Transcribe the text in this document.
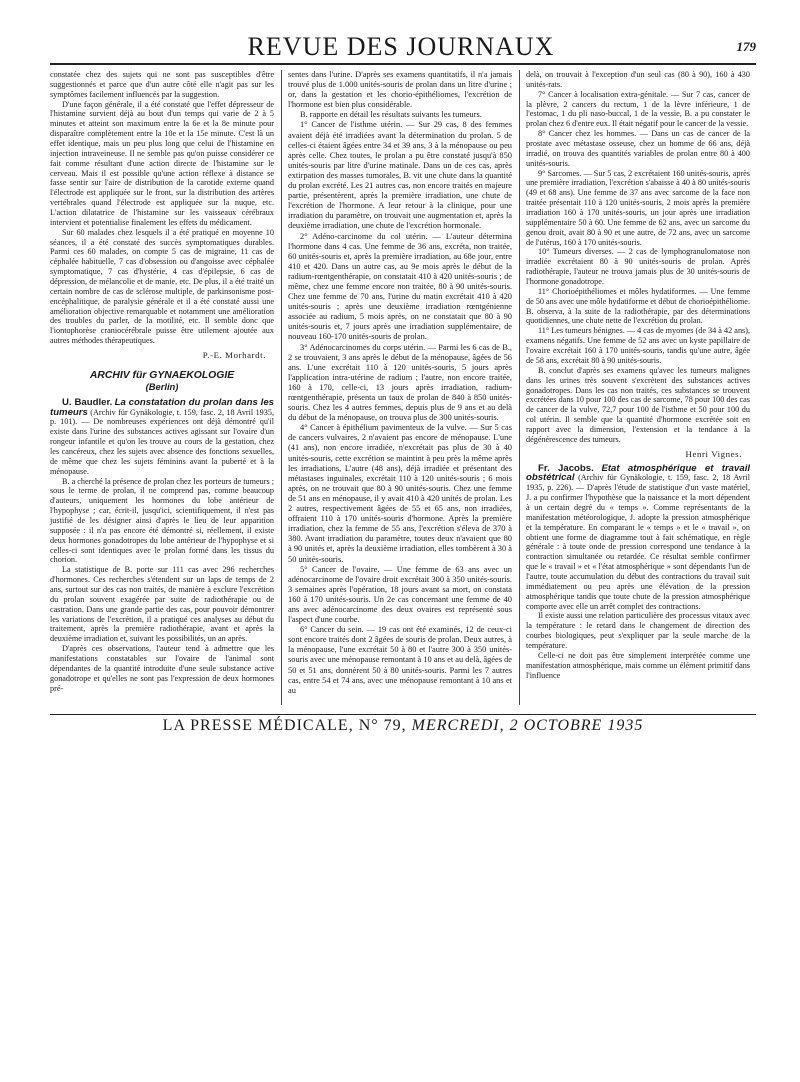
REVUE DES JOURNAUX	179

constatée chez des sujets qui ne sont pas susceptibles d'être suggestionnés et parce que d'un autre côté elle n'agit pas sur les symptômes facilement influencés par la suggestion.

D'une façon générale, il a été constaté que l'effet dépresseur de l'histamine survient déjà au bout d'un temps qui varie de 2 à 5 minutes et atteint son maximum entre la 6e et la 8e minute pour disparaître complètement entre la 10e et la 15e minute. C'est là un effet identique, mais un peu plus long que celui de l'histamine en injection intraveineuse. Il ne semble pas qu'on puisse considérer ce fait comme résultant d'une action directe de l'histamine sur le cerveau. Mais il est possible qu'une action réflexe à distance se fasse sentir sur l'aire de distribution de la carotide externe quand l'électrode est appliquée sur le front, sur la distribution des artères vertébrales quand l'électrode est appliquée sur la nuque, etc. L'action dilatatrice de l'histamine sur les vaisseaux cérébraux intervient et potentialise finalement les effets du médicament.

Sur 60 malades chez lesquels il a été pratiqué en moyenne 10 séances, il a été constaté des succès symptomatiques durables. Parmi ces 60 malades, on compte 5 cas de migraine, 11 cas de céphalée habituelle, 7 cas d'obsession ou d'angoisse avec céphalée symptomatique, 7 cas d'hystérie, 4 cas d'épilepsie, 6 cas de dépression, de mélancolie et de manie, etc. De plus, il a été traité un certain nombre de cas de sclérose multiple, de parkinsonisme post-encéphalitique, de paralysie générale et il a été constaté aussi une amélioration objective remarquable et notamment une amélioration des troubles du parler, de la motilité, etc. Il semble donc que l'iontophorèse craniocérébrale puisse être utilement ajoutée aux autres méthodes thérapeutiques.

P.-E. Morhardt.
ARCHIV für GYNAEKOLOGIE
(Berlin)

U. Baudler. La constatation du prolan dans les tumeurs (Archiv für Gynäkologie, t. 159, fasc. 2, 18 Avril 1935, p. 101). — De nombreuses expériences ont déjà démontré qu'il existe dans l'urine des substances actives agissant sur l'ovaire d'un rongeur infantile et qu'on les trouve au cours de la gestation, chez les cancéreux, chez les sujets avec absence des fonctions sexuelles, de même que chez les sujets féminins avant la puberté et à la ménopause.

B. a cherché la présence de prolan chez les porteurs de tumeurs ; sous le terme de prolan, il ne comprend pas, comme beaucoup d'auteurs, uniquement les hormones du lobe antérieur de l'hypophyse ; car, écrit-il, jusqu'ici, scientifiquement, il n'est pas justifié de les désigner ainsi d'après le lieu de leur apparition supposée : il n'a pas encore été démontré si, réellement, il existe deux hormones gonadotropes du lobe antérieur de l'hypophyse et si celles-ci sont identiques avec le prolan formé dans les tissus du chorion.

La statistique de B. porte sur 111 cas avec 296 recherches d'hormones. Ces recherches s'étendent sur un laps de temps de 2 ans, surtout sur des cas non traités, de manière à exclure l'excrétion du prolan souvent exagérée par suite de radiothérapie ou de castration. Dans une grande partie des cas, pour pouvoir démontrer les variations de l'excrétion, il a pratiqué ces analyses au début du traitement, après la première radiothérapie, avant et après la deuxième irradiation et, suivant les possibilités, un an après.

D'après ces observations, l'auteur tend à admettre que les manifestations constatables sur l'ovaire de l'animal sont dépendantes de la quantité introduite d'une seule substance active gonadotrope et qu'elles ne sont pas l'expression de deux hormones pré-

sentes dans l'urine. D'après ses examens quantitatifs, il n'a jamais trouvé plus de 1.000 unités-souris de prolan dans un litre d'urine ; or, dans la gestation et les chorio-épithéliomes, l'excrétion de l'hormone est bien plus considérable.

B. rapporte en détail les résultats suivants les tumeurs.

1° Cancer de l'isthme utérin. — Sur 29 cas, 8 des femmes avaient déjà été irradiées avant la détermination du prolan. 5 de celles-ci étaient âgées entre 34 et 39 ans, 3 à la ménopause ou peu après celle. Chez toutes, le prolan a pu être constaté jusqu'à 850 unités-souris par litre d'urine matinale. Dans un de ces cas, après extirpation des masses tumorales, B. vit une chute dans la quantité du prolan excrété. Les 21 autres cas, non encore traités en majeure partie, présentèrent, après la première irradiation, une chute de l'excrétion de l'hormone. A leur retour à la clinique, pour une irradiation du paramètre, on trouvait une augmentation et, après la deuxième irradiation, une chute de l'excrétion hormonale.

2° Adéno-carcinome du col utérin. — L'auteur détermina l'hormone dans 4 cas. Une femme de 36 ans, excréta, non traitée, 60 unités-souris et, après la première irradiation, au 68e jour, entre 410 et 420. Dans un autre cas, au 9e mois après le début de la radium-rœntgenthérapie, on constatait 410 à 420 unités-souris ; de même, chez une femme encore non traitée, 80 à 90 unités-souris. Chez une femme de 70 ans, l'urine du matin excrétait 410 à 420 unités-souris ; après une deuxième irradiation rœntgénienne associée au radium, 5 mois après, on ne constatait que 80 à 90 unités-souris et, 7 jours après une irradiation supplémentaire, de nouveau 160-170 unités-souris de prolan.

3° Adénocarcinomes du corps utérin. — Parmi les 6 cas de B., 2 se trouvaient, 3 ans après le début de la ménopause, âgées de 56 ans. L'une excrétait 110 à 120 unités-souris, 5 jours après l'application intra-utérine de radium ; l'autre, non encore traitée, 160 à 170, celle-ci, 13 jours après irradiation, radium-rœntgenthérapie, présenta un taux de prolan de 840 à 850 unités-souris. Chez les 4 autres femmes, depuis plus de 9 ans et au delà du début de la ménopause, on trouva plus de 300 unités-souris.

4° Cancer à épithélium pavimenteux de la vulve. — Sur 5 cas de cancers vulvaires, 2 n'avaient pas encore de ménopause. L'une (41 ans), non encore irradiée, n'excrétait pas plus de 30 à 40 unités-souris, cette excrétion se maintint à peu près la même après les irradiations, L'autre (48 ans), déjà irradiée et présentant des métastases inguinales, excrétait 110 à 120 unités-souris ; 6 mois après, on ne trouvait que 80 à 90 unités-souris. Chez une femme de 51 ans en ménopause, il y avait 410 à 420 unités de prolan. Les 2 autres, respectivement âgées de 55 et 65 ans, non irradiées, offraient 110 à 170 unités-souris d'hormone. Après la première irradiation, chez la femme de 55 ans, l'excrétion s'éleva de 370 à 380. Avant irradiation du paramètre, toutes deux n'avaient que 80 à 90 unités et, après la deuxième irradiation, elles tombèrent à 30 à 50 unités-souris.

5° Cancer de l'ovaire. — Une femme de 63 ans avec un adénocarcinome de l'ovaire droit excrétait 300 à 350 unités-souris. 3 semaines après l'opération, 18 jours avant sa mort, on constata 160 à 170 unités-souris. Un 2e cas concernant une femme de 40 ans avec adénocarcinome des deux ovaires est représenté sous l'aspect d'une courbe.

6° Cancer du sein. — 19 cas ont été examinés, 12 de ceux-ci sont encore traités dont 2 âgées de souris de prolan. Deux autres, à la ménopause, l'une excrétait 50 à 80 et l'autre 300 à 350 unités-souris avec une ménopause remontant à 10 ans et au delà, âgées de 50 et 51 ans, donnèrent 50 à 80 unités-souris. Parmi les 7 autres cas, entre 54 et 74 ans, avec une ménopause remontant à 10 ans et au

delà, on trouvait à l'exception d'un seul cas (80 à 90), 160 à 430 unités-rats.

7° Cancer à localisation extra-génitale. — Sur 7 cas, cancer de la plèvre, 2 cancers du rectum, 1 de la lèvre inférieure, 1 de l'estomac, 1 du pli naso-buccal, 1 de la vessie, B. a pu constater le prolan chez 6 d'entre eux. Il était négatif pour le cancer de la vessie.

8° Cancer chez les hommes. — Dans un cas de cancer de la prostate avec métastase osseuse, chez un homme de 66 ans, déjà irradié, on trouva des quantités variables de prolan entre 80 à 400 unités-souris.

9° Sarcomes. — Sur 5 cas, 2 excrétaient 160 unités-souris, après une première irradiation, l'excrétion s'abaisse à 40 à 80 unités-souris (49 et 68 ans). Une femme de 37 ans avec sarcome de la face non traitée présentait 110 à 120 unités-souris, 2 mois après la première irradiation 160 à 170 unités-souris, un jour après une irradiation supplémentaire 50 à 60. Une femme de 62 ans, avec un sarcome du genou droit, avait 80 à 90 et une autre, de 72 ans, avec un sarcome de l'utérus, 160 à 170 unités-souris.

10° Tumeurs diverses. — 2 cas de lymphogranulomatose non irradiée excrétaient 80 à 90 unités-souris de prolan. Après radiothérapie, l'auteur ne trouva jamais plus de 30 unités-souris de l'hormone gonadotrope.

11° Chorioépithéliomes et môles hydatiformes. — Une femme de 50 ans avec une môle hydatiforme et début de chorioépithéliome. B. observa, à la suite de la radiothérapie, par des déterminations quotidiennes, une chute nette de l'excrétion du prolan.

11° Les tumeurs bénignes. — 4 cas de myomes (de 34 à 42 ans), examens négatifs. Une femme de 52 ans avec un kyste papillaire de l'ovaire excrétait 160 à 170 unités-souris, tandis qu'une autre, âgée de 58 ans, excrétait 80 à 90 unités-souris.

B. conclut d'après ses examens qu'avec les tumeurs malignes dans les urines très souvent s'excrètent des substances actives gonadotropes. Dans les cas non traités, ces substances se trouvent excrétées dans 10 pour 100 des cas de sarcome, 78 pour 100 des cas de cancer de la vulve, 72,7 pour 100 de l'isthme et 50 pour 100 du col utérin. Il semble que la quantité d'hormone excrétée soit en rapport avec la dimension, l'extension et la tendance à la dégénérescence des tumeurs.

Henri Vignes.

Fr. Jacobs. Etat atmosphérique et travail obstétrical (Archiv für Gynäkologie, t. 159, fasc. 2, 18 Avril 1935, p. 226). — D'après l'étude de statistique d'un vaste matériel, J. a pu confirmer l'hypothèse que la naissance et la mort dépendent à un certain degré du « temps ». Comme représentants de la manifestation météorologique, J. adopte la pression atmosphérique et la température. En comparant le « temps » et le « travail », on obtient une forme de diagramme tout à fait schématique, en règle générale : à toute onde de pression correspond une tendance à la contraction simultanée ou retardée. Ce résultat semble confirmer que le « travail » et « l'état atmosphérique » sont dépendants l'un de l'autre, toute accumulation du début des contractions du travail suit immédiatement ou peu après une élévation de la pression atmosphérique tandis que toute chute de la pression atmosphérique comporte avec elle un arrêt complet des contractions.

Il existe aussi une relation particulière des processus vitaux avec la température : le retard dans le changement de direction des courbes biologiques, peut s'expliquer par la seule marche de la température.

Celle-ci ne doit pas être simplement interprétée comme une manifestation atmosphérique, mais comme un élément primitif dans l'influence

LA PRESSE MÉDICALE, N° 79, MERCREDI, 2 OCTOBRE 1935
